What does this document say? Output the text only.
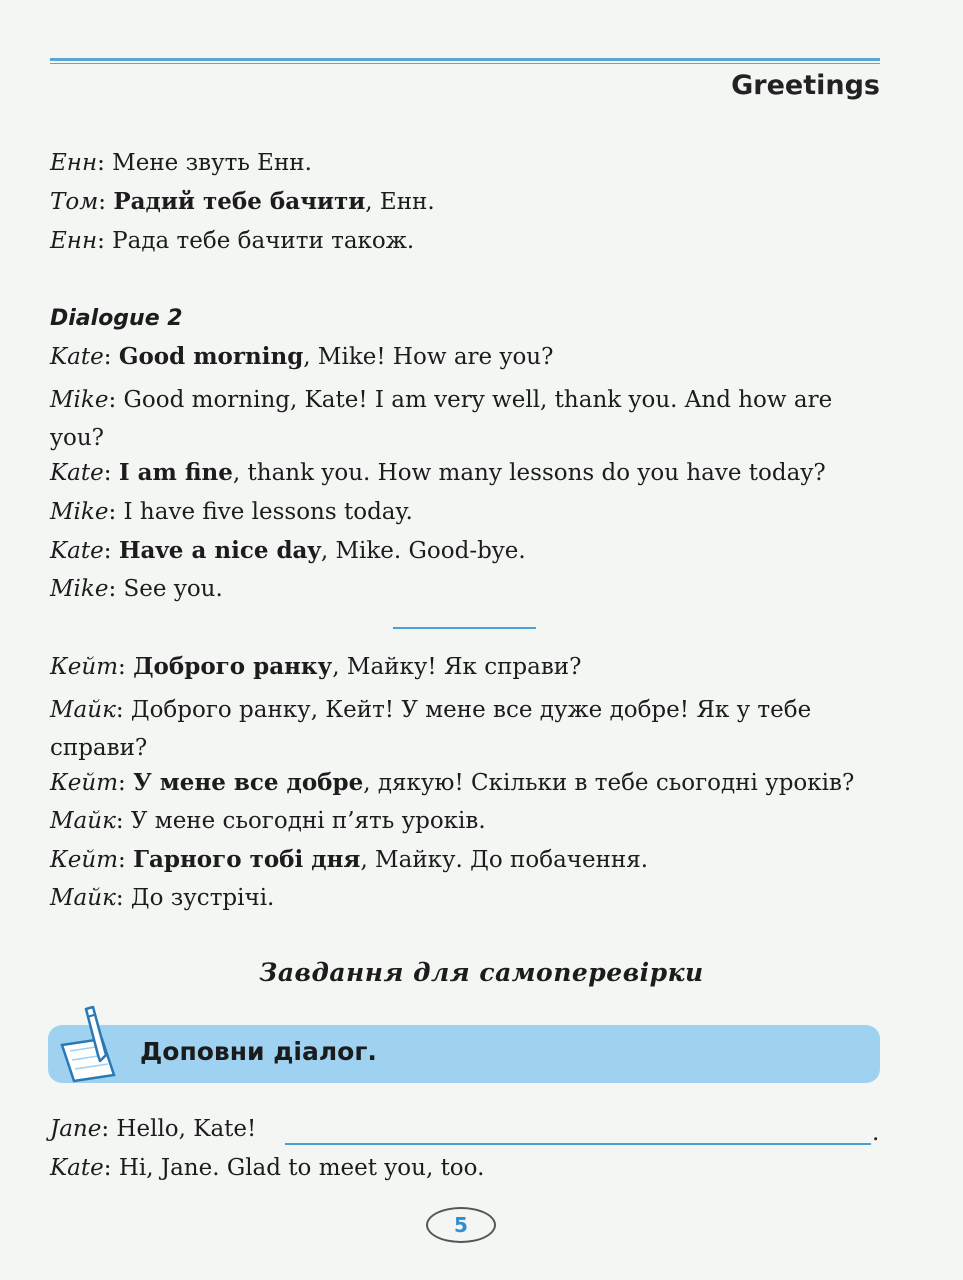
Greetings
Енн: Мене звуть Енн.
Том: Радий тебе бачити, Енн.
Енн: Рада тебе бачити також.
Dialogue 2
Kate: Good morning, Mike! How are you?
Mike: Good morning, Kate! I am very well, thank you. And how are you?
Kate: I am fine, thank you. How many lessons do you have today?
Mike: I have five lessons today.
Kate: Have a nice day, Mike. Good-bye.
Mike: See you.
Кейт: Доброго ранку, Майку! Як справи?
Майк: Доброго ранку, Кейт! У мене все дуже добре! Як у тебе справи?
Кейт: У мене все добре, дякую! Скільки в тебе сьогодні уроків?
Майк: У мене сьогодні п’ять уроків.
Кейт: Гарного тобі дня, Майку. До побачення.
Майк: До зустрічі.
Завдання для самоперевірки
Доповни діалог.
Jane: Hello, Kate!	.
Kate: Hi, Jane. Glad to meet you, too.
5
